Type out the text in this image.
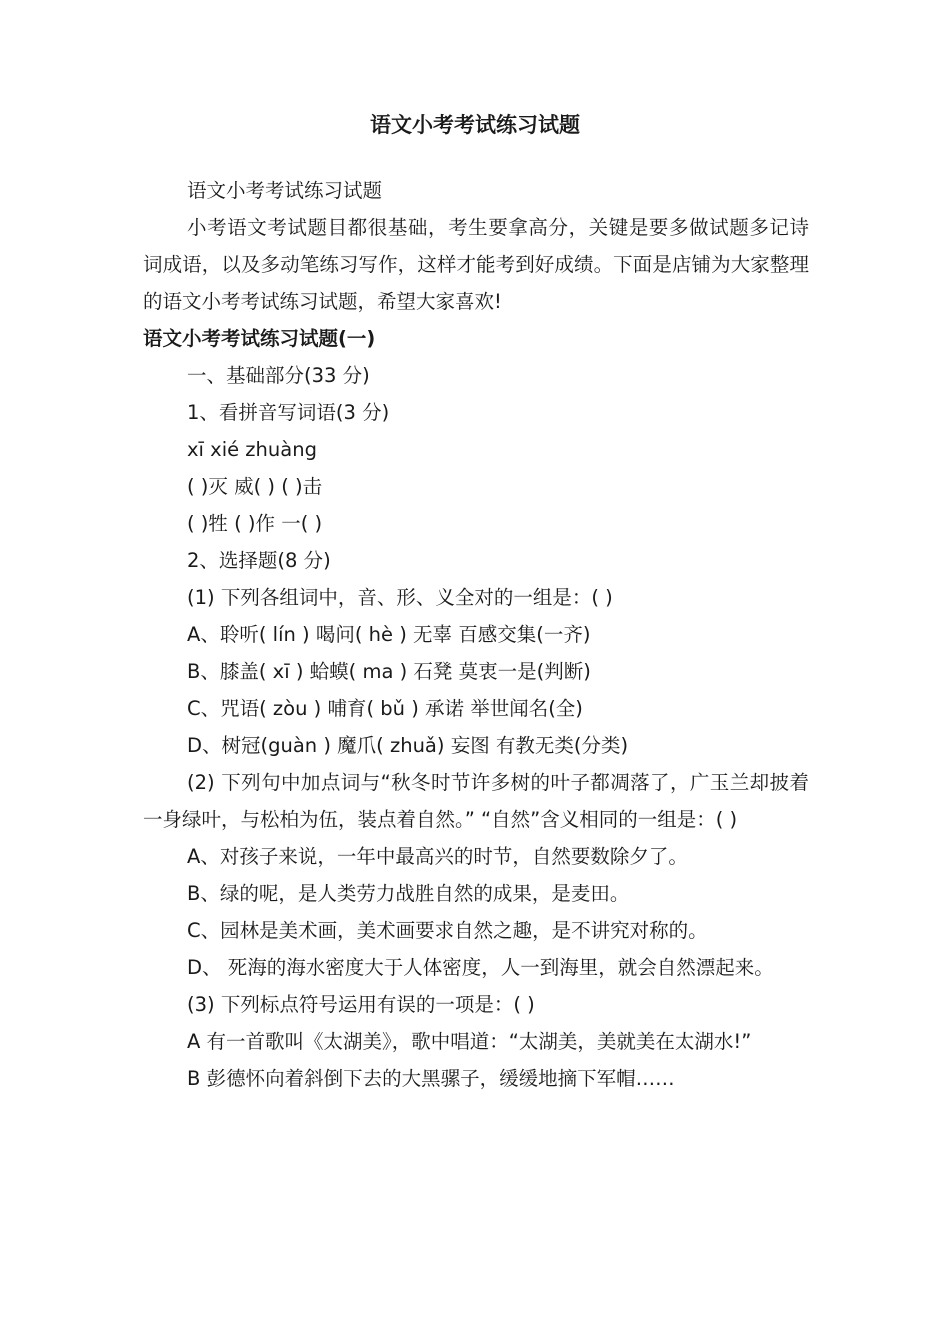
语文小考考试练习试题

语文小考考试练习试题

小考语文考试题目都很基础，考生要拿高分，关键是要多做试题多记诗词成语，以及多动笔练习写作，这样才能考到好成绩。下面是店铺为大家整理的语文小考考试练习试题，希望大家喜欢!

语文小考考试练习试题(一)

一、基础部分(33 分)

1、看拼音写词语(3 分)

xī xié zhuàng

( )灭 威( ) ( )击

( )牲 ( )作 一( )

2、选择题(8 分)

(1) 下列各组词中，音、形、义全对的一组是：( )

A、聆听( lín ) 喝问( hè ) 无辜 百感交集(一齐)

B、膝盖( xī ) 蛤蟆( ma ) 石凳 莫衷一是(判断)

C、咒语( zòu ) 哺育( bǔ ) 承诺 举世闻名(全)

D、树冠(guàn ) 魔爪( zhuǎ) 妄图 有教无类(分类)

(2) 下列句中加点词与“秋冬时节许多树的叶子都凋落了，广玉兰却披着一身绿叶，与松柏为伍，装点着自然。” “自然”含义相同的一组是：( )

A、对孩子来说，一年中最高兴的时节，自然要数除夕了。

B、绿的呢，是人类劳力战胜自然的成果，是麦田。

C、园林是美术画，美术画要求自然之趣，是不讲究对称的。

D、 死海的海水密度大于人体密度，人一到海里，就会自然漂起来。

(3) 下列标点符号运用有误的一项是：( )

A 有一首歌叫《太湖美》，歌中唱道：“太湖美，美就美在太湖水!”

B 彭德怀向着斜倒下去的大黑骡子，缓缓地摘下军帽……
